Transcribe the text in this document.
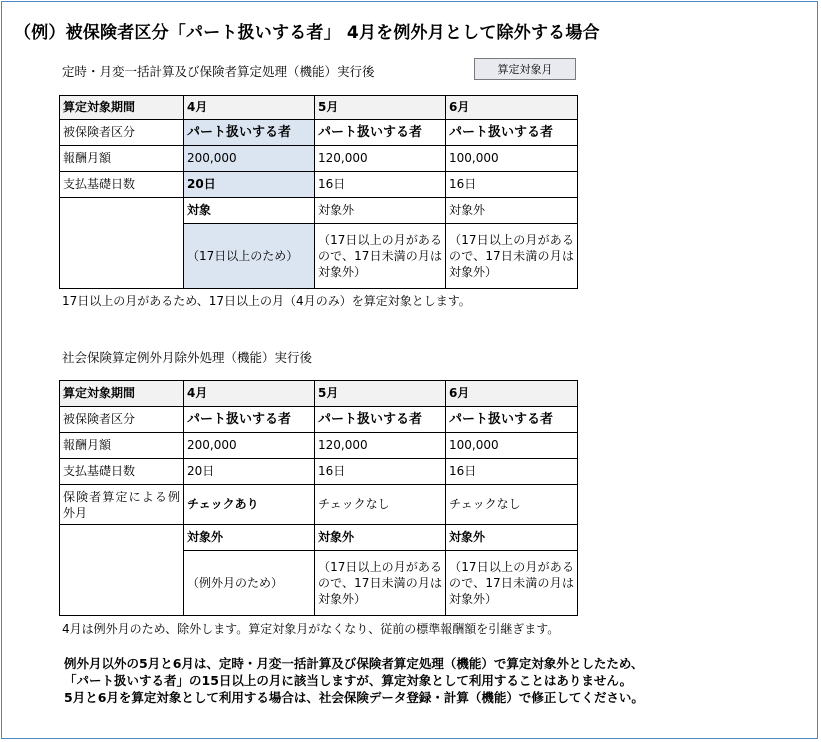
（例）被保険者区分「パート扱いする者」 4月を例外月として除外する場合
定時・月変一括計算及び保険者算定処理（機能）実行後	算定対象月
算定対象期間	4月	5月	6月
被保険者区分	パート扱いする者	パート扱いする者	パート扱いする者
報酬月額	200,000	120,000	100,000
支払基礎日数	20日	16日	16日
	対象	対象外	対象外
	（17日以上のため）	（17日以上の月があるので、17日未満の月は対象外）	（17日以上の月があるので、17日未満の月は対象外）
17日以上の月があるため、17日以上の月（4月のみ）を算定対象とします。
社会保険算定例外月除外処理（機能）実行後
算定対象期間	4月	5月	6月
被保険者区分	パート扱いする者	パート扱いする者	パート扱いする者
報酬月額	200,000	120,000	100,000
支払基礎日数	20日	16日	16日
保険者算定による例外月	チェックあり	チェックなし	チェックなし
	対象外	対象外	対象外
	（例外月のため）	（17日以上の月があるので、17日未満の月は対象外）	（17日以上の月があるので、17日未満の月は対象外）
4月は例外月のため、除外します。算定対象月がなくなり、従前の標準報酬額を引継ぎます。
例外月以外の5月と6月は、定時・月変一括計算及び保険者算定処理（機能）で算定対象外としたため、
「パート扱いする者」の15日以上の月に該当しますが、算定対象として利用することはありません。
5月と6月を算定対象として利用する場合は、社会保険データ登録・計算（機能）で修正してください。
